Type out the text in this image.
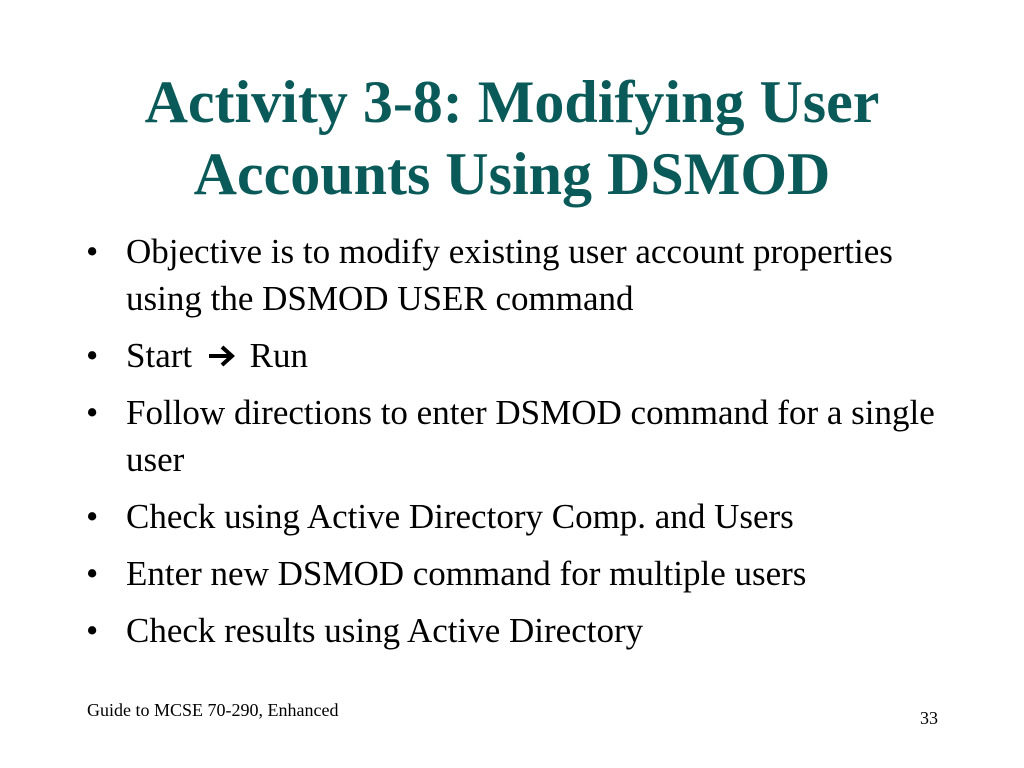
Activity 3-8: Modifying User
Accounts Using DSMOD
• Objective is to modify existing user account properties using the DSMOD USER command
• Start Run
• Follow directions to enter DSMOD command for a single user
• Check using Active Directory Comp. and Users
• Enter new DSMOD command for multiple users
• Check results using Active Directory
Guide to MCSE 70-290, Enhanced	33
